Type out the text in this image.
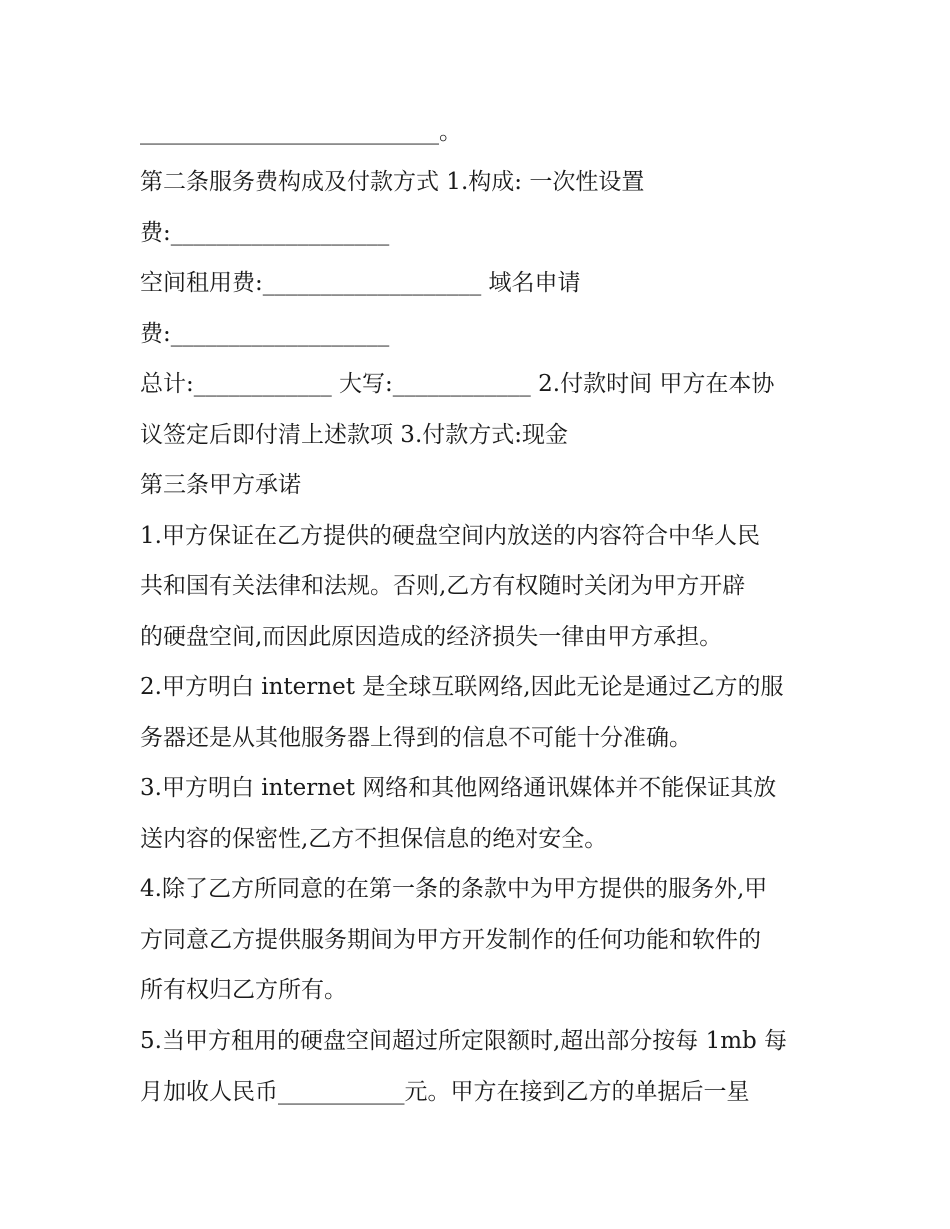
__________________________。
第二条服务费构成及付款方式 1.构成: 一次性设置
费:___________________
空间租用费:___________________ 域名申请
费:___________________
总计:____________ 大写:____________ 2.付款时间 甲方在本协
议签定后即付清上述款项 3.付款方式:现金
第三条甲方承诺
1.甲方保证在乙方提供的硬盘空间内放送的内容符合中华人民
共和国有关法律和法规。否则,乙方有权随时关闭为甲方开辟
的硬盘空间,而因此原因造成的经济损失一律由甲方承担。
2.甲方明白 internet 是全球互联网络,因此无论是通过乙方的服
务器还是从其他服务器上得到的信息不可能十分准确。
3.甲方明白 internet 网络和其他网络通讯媒体并不能保证其放
送内容的保密性,乙方不担保信息的绝对安全。
4.除了乙方所同意的在第一条的条款中为甲方提供的服务外,甲
方同意乙方提供服务期间为甲方开发制作的任何功能和软件的
所有权归乙方所有。
5.当甲方租用的硬盘空间超过所定限额时,超出部分按每 1mb 每
月加收人民币___________元。甲方在接到乙方的单据后一星
